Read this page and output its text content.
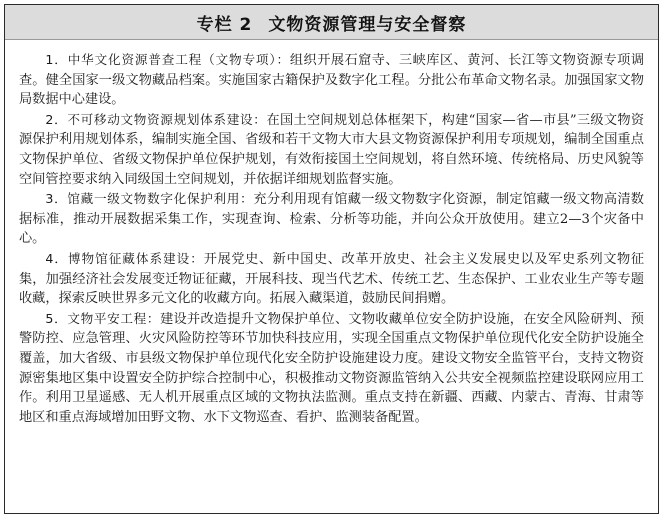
专栏 2 文物资源管理与安全督察

1．中华文化资源普查工程（文物专项）：组织开展石窟寺、三峡库区、黄河、长江等文物资源专项调查。健全国家一级文物藏品档案。实施国家古籍保护及数字化工程。分批公布革命文物名录。加强国家文物局数据中心建设。

2．不可移动文物资源规划体系建设：在国土空间规划总体框架下，构建“国家—省—市县”三级文物资源保护利用规划体系，编制实施全国、省级和若干文物大市大县文物资源保护利用专项规划，编制全国重点文物保护单位、省级文物保护单位保护规划，有效衔接国土空间规划，将自然环境、传统格局、历史风貌等空间管控要求纳入同级国土空间规划，并依据详细规划监督实施。

3．馆藏一级文物数字化保护利用：充分利用现有馆藏一级文物数字化资源，制定馆藏一级文物高清数据标准，推动开展数据采集工作，实现查询、检索、分析等功能，并向公众开放使用。建立2—3个灾备中心。

4．博物馆征藏体系建设：开展党史、新中国史、改革开放史、社会主义发展史以及军史系列文物征集，加强经济社会发展变迁物证征藏，开展科技、现当代艺术、传统工艺、生态保护、工业农业生产等专题收藏，探索反映世界多元文化的收藏方向。拓展入藏渠道，鼓励民间捐赠。

5．文物平安工程：建设并改造提升文物保护单位、文物收藏单位安全防护设施，在安全风险研判、预警防控、应急管理、火灾风险防控等环节加快科技应用，实现全国重点文物保护单位现代化安全防护设施全覆盖，加大省级、市县级文物保护单位现代化安全防护设施建设力度。建设文物安全监管平台，支持文物资源密集地区集中设置安全防护综合控制中心，积极推动文物资源监管纳入公共安全视频监控建设联网应用工作。利用卫星遥感、无人机开展重点区域的文物执法监测。重点支持在新疆、西藏、内蒙古、青海、甘肃等地区和重点海域增加田野文物、水下文物巡查、看护、监测装备配置。
